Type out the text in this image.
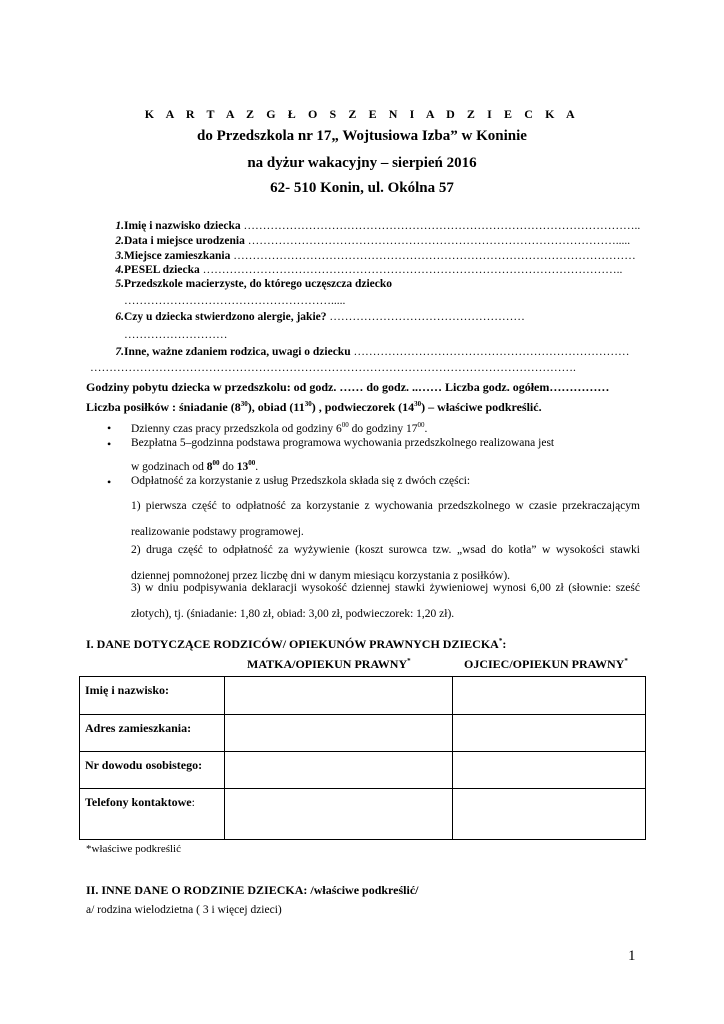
K A R T A Z G Ł O S Z E N I A D Z I E C K A
do Przedszkola nr 17„ Wojtusiowa Izba” w Koninie
na dyżur wakacyjny – sierpień 2016
62- 510 Konin, ul. Okólna 57
1. Imię i nazwisko dziecka …………………………………………………………………………………………..
2. Data i miejsce urodzenia …………………………………………………………………………………….....
3. Miejsce zamieszkania ……………………………………………………………………………………………
4. PESEL dziecka ………………………………………………………………………………………………..
5. Przedszkole macierzyste, do którego uczęszcza dziecko
……………………………………………….....
6. Czy u dziecka stwierdzono alergie, jakie? ……………………………………………
………………………
7. Inne, ważne zdaniem rodzica, uwagi o dziecku ………………………………………………………………
……………………………………………………………………………………………………………….
Godziny pobytu dziecka w przedszkolu: od godz. …… do godz. ..…… Liczba godz. ogółem……………
Liczba posiłków : śniadanie $(8^{30})$, obiad $(11^{30})$ , podwieczorek $(14^{30})$ – właściwe podkreślić.
• Dzienny czas pracy przedszkola od godziny $6^{00}$ do godziny $17^{00}$.
• Bezpłatna 5–godzinna podstawa programowa wychowania przedszkolnego realizowana jest
w godzinach od $8^{00}$ do $13^{00}$.
• Odpłatność za korzystanie z usług Przedszkola składa się z dwóch części:
1) pierwsza część to odpłatność za korzystanie z wychowania przedszkolnego w czasie przekraczającym realizowanie podstawy programowej.
2) druga część to odpłatność za wyżywienie (koszt surowca tzw. „wsad do kotła” w wysokości stawki dziennej pomnożonej przez liczbę dni w danym miesiącu korzystania z posiłków).
3) w dniu podpisywania deklaracji wysokość dziennej stawki żywieniowej wynosi 6,00 zł (słownie: sześć złotych), tj. (śniadanie: 1,80 zł, obiad: 3,00 zł, podwieczorek: 1,20 zł).
I. DANE DOTYCZĄCE RODZICÓW/ OPIEKUNÓW PRAWNYCH DZIECKA*:
MATKA/OPIEKUN PRAWNY*	OJCIEC/OPIEKUN PRAWNY*
Imię i nazwisko:		
Adres zamieszkania:		
Nr dowodu osobistego:		
Telefony kontaktowe:		
*właściwe podkreślić
II. INNE DANE O RODZINIE DZIECKA: /właściwe podkreślić/
a/ rodzina wielodzietna ( 3 i więcej dzieci)
1
